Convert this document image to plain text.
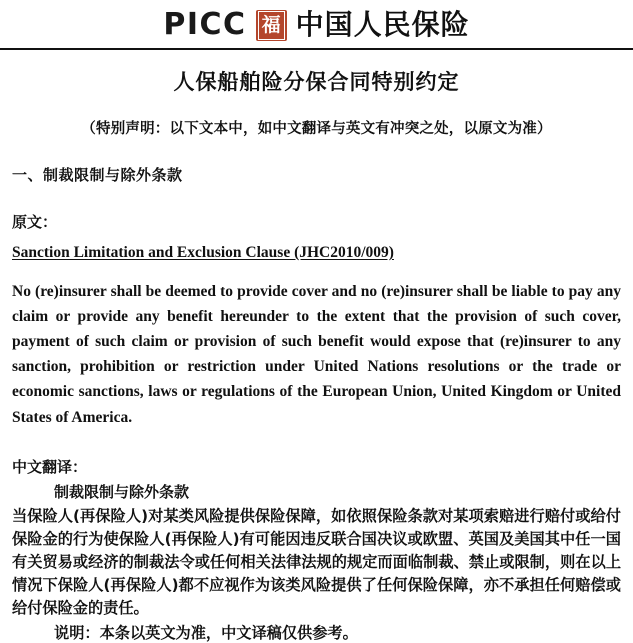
PICC 福 中国人民保险
人保船舶险分保合同特别约定
（特别声明：以下文本中，如中文翻译与英文有冲突之处，以原文为准）
一、制裁限制与除外条款
原文：
Sanction Limitation and Exclusion Clause (JHC2010/009)
No (re)insurer shall be deemed to provide cover and no (re)insurer shall be liable to pay any claim or provide any benefit hereunder to the extent that the provision of such cover, payment of such claim or provision of such benefit would expose that (re)insurer to any sanction, prohibition or restriction under United Nations resolutions or the trade or economic sanctions, laws or regulations of the European Union, United Kingdom or United States of America.
中文翻译：
制裁限制与除外条款
当保险人(再保险人)对某类风险提供保险保障，如依照保险条款对某项索赔进行赔付或给付保险金的行为使保险人(再保险人)有可能因违反联合国决议或欧盟、英国及美国其中任一国有关贸易或经济的制裁法令或任何相关法律法规的规定而面临制裁、禁止或限制，则在以上情况下保险人(再保险人)都不应视作为该类风险提供了任何保险保障，亦不承担任何赔偿或给付保险金的责任。
说明：本条以英文为准，中文译稿仅供参考。
